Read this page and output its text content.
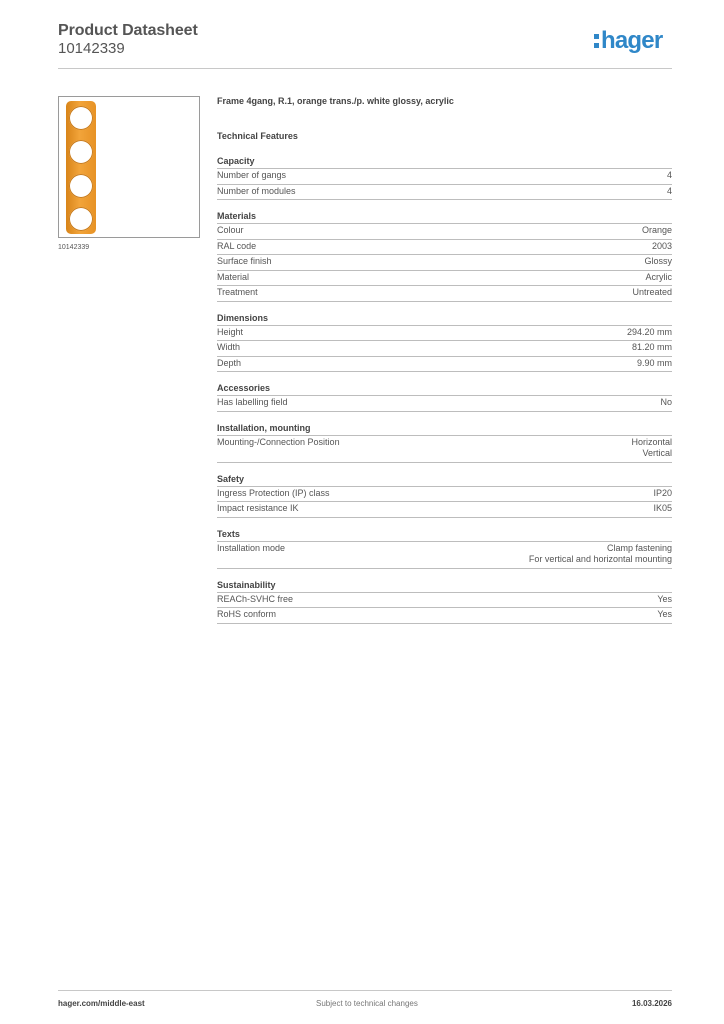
Product Datasheet
10142339	hager
10142339
Frame 4gang, R.1, orange trans./p. white glossy, acrylic
Technical Features
Capacity
Number of gangs	4
Number of modules	4
Materials
Colour	Orange
RAL code	2003
Surface finish	Glossy
Material	Acrylic
Treatment	Untreated
Dimensions
Height	294.20 mm
Width	81.20 mm
Depth	9.90 mm
Accessories
Has labelling field	No
Installation, mounting
Mounting-/Connection Position	Horizontal
Vertical
Safety
Ingress Protection (IP) class	IP20
Impact resistance IK	IK05
Texts
Installation mode	Clamp fastening
For vertical and horizontal mounting
Sustainability
REACh-SVHC free	Yes
RoHS conform	Yes
hager.com/middle-east	Subject to technical changes	16.03.2026
